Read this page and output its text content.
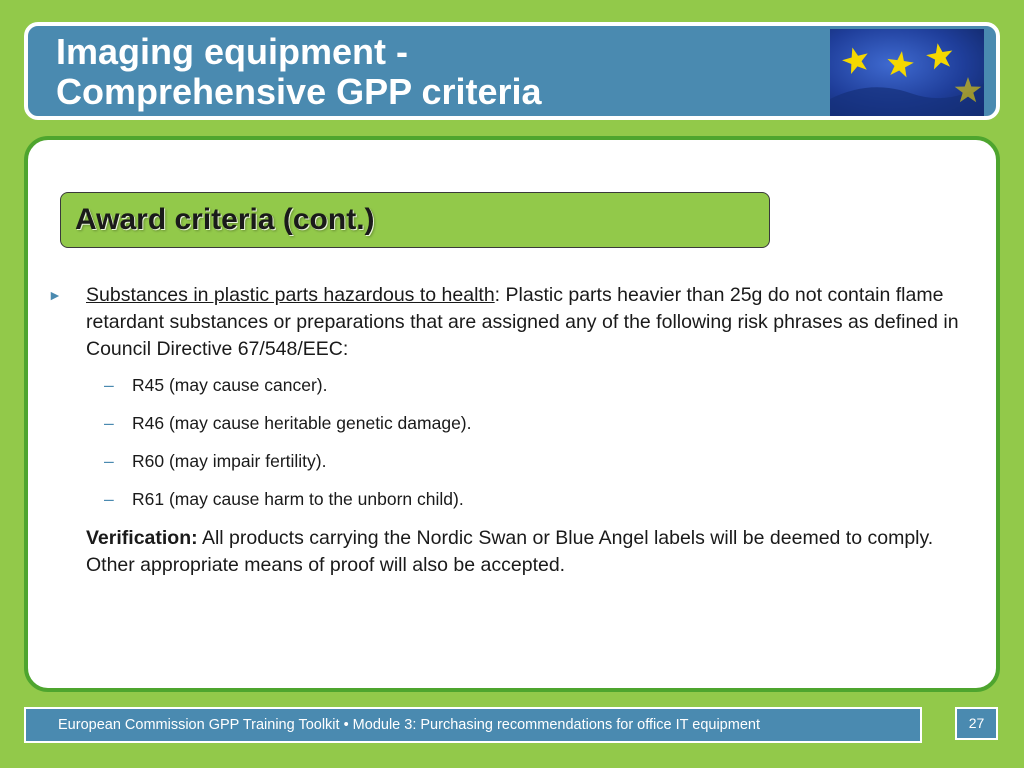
Imaging equipment -
Comprehensive GPP criteria

Award criteria (cont.)

► Substances in plastic parts hazardous to health: Plastic parts heavier than 25g do not contain flame retardant substances or preparations that are assigned any of the following risk phrases as defined in Council Directive 67/548/EEC:
– R45 (may cause cancer).
– R46 (may cause heritable genetic damage).
– R60 (may impair fertility).
– R61 (may cause harm to the unborn child).
Verification: All products carrying the Nordic Swan or Blue Angel labels will be deemed to comply. Other appropriate means of proof will also be accepted.
European Commission GPP Training Toolkit • Module 3: Purchasing recommendations for office IT equipment	27
